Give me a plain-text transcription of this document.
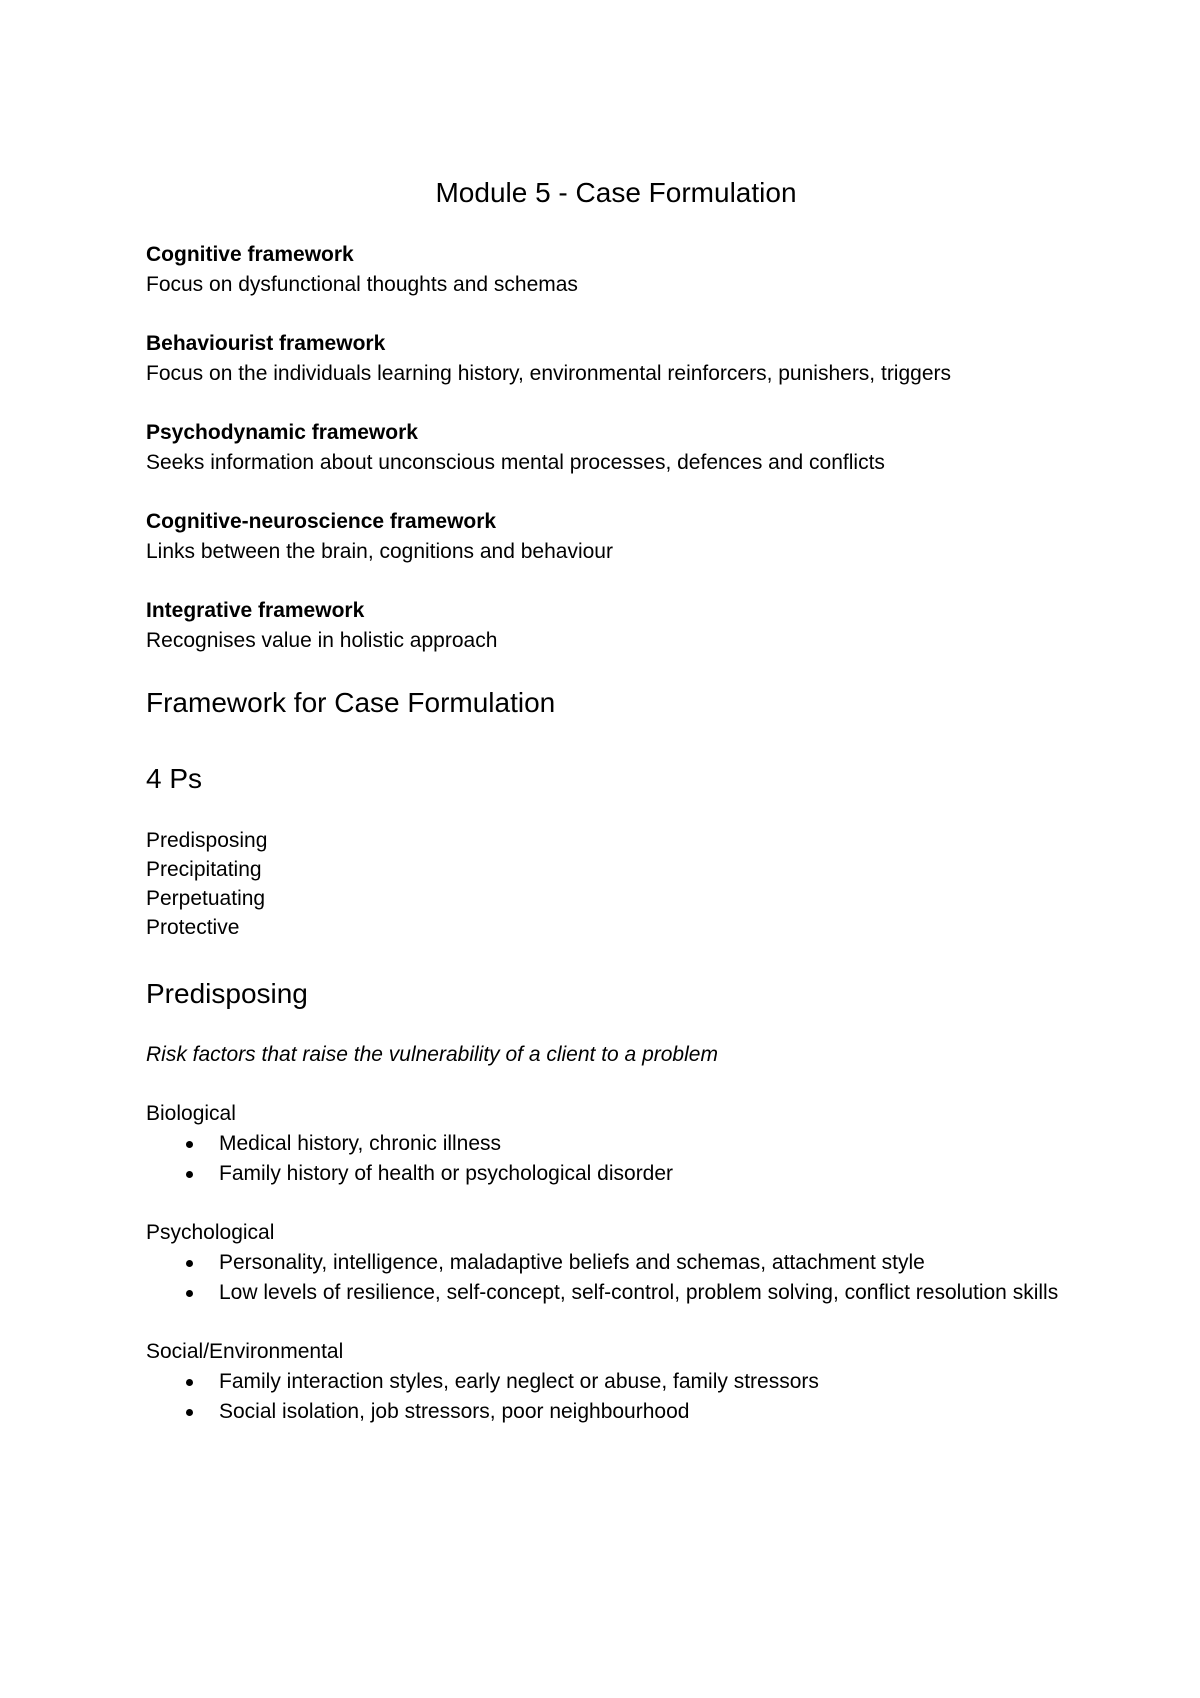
Module 5 - Case Formulation
Cognitive framework
Focus on dysfunctional thoughts and schemas
Behaviourist framework
Focus on the individuals learning history, environmental reinforcers, punishers, triggers
Psychodynamic framework
Seeks information about unconscious mental processes, defences and conflicts
Cognitive-neuroscience framework
Links between the brain, cognitions and behaviour
Integrative framework
Recognises value in holistic approach
Framework for Case Formulation
4 Ps
Predisposing
Precipitating
Perpetuating
Protective
Predisposing
Risk factors that raise the vulnerability of a client to a problem
Biological
Medical history, chronic illness
Family history of health or psychological disorder
Psychological
Personality, intelligence, maladaptive beliefs and schemas, attachment style
Low levels of resilience, self-concept, self-control, problem solving, conflict resolution skills
Social/Environmental
Family interaction styles, early neglect or abuse, family stressors
Social isolation, job stressors, poor neighbourhood
